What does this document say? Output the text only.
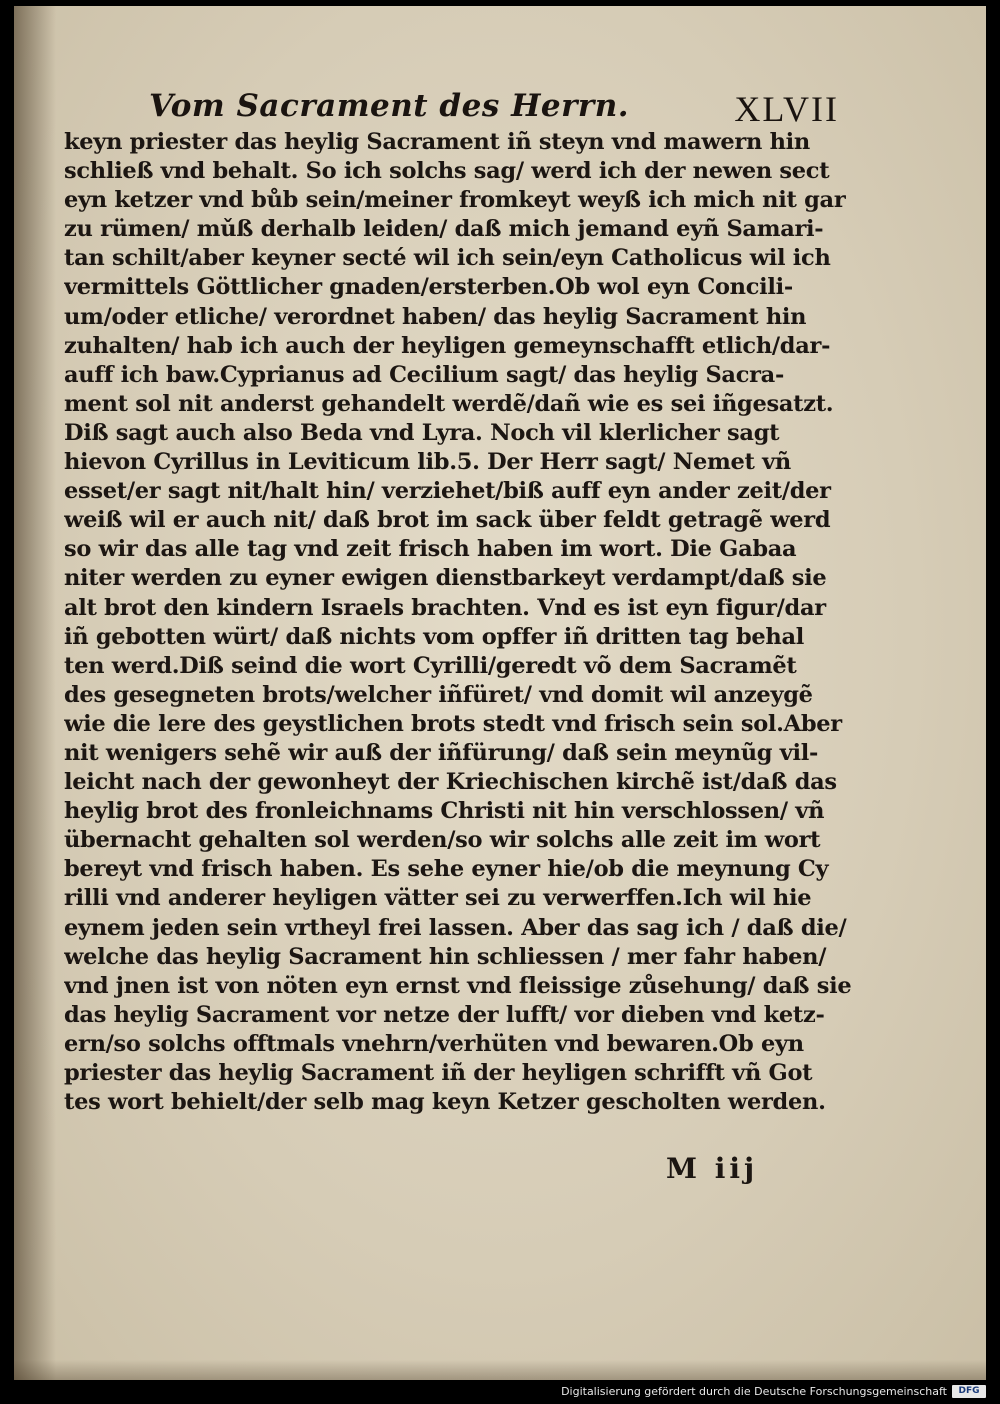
Vom Sacrament des Herrn.	XLVII
keyn priester das heylig Sacrament iñ steyn vnd mawern hin
schließ vnd behalt. So ich solchs sag/ werd ich der newen sect
eyn ketzer vnd bůb sein/meiner fromkeyt weyß ich mich nit gar
zu rümen/ mǔß derhalb leiden/ daß mich jemand eyñ Samari-
tan schilt/aber keyner secté wil ich sein/eyn Catholicus wil ich
vermittels Göttlicher gnaden/ersterben.Ob wol eyn Concili-
um/oder etliche/ verordnet haben/ das heylig Sacrament hin
zuhalten/ hab ich auch der heyligen gemeynschafft etlich/dar-
auff ich baw.Cyprianus ad Cecilium sagt/ das heylig Sacra-
ment sol nit anderst gehandelt werdẽ/dañ wie es sei iñgesatzt.
Diß sagt auch also Beda vnd Lyra. Noch vil klerlicher sagt
hievon Cyrillus in Leviticum lib.5. Der Herr sagt/ Nemet vñ
esset/er sagt nit/halt hin/ verziehet/biß auff eyn ander zeit/der
weiß wil er auch nit/ daß brot im sack über feldt getragẽ werd
so wir das alle tag vnd zeit frisch haben im wort. Die Gabaa
niter werden zu eyner ewigen dienstbarkeyt verdampt/daß sie
alt brot den kindern Israels brachten. Vnd es ist eyn figur/dar
iñ gebotten würt/ daß nichts vom opffer iñ dritten tag behal
ten werd.Diß seind die wort Cyrilli/geredt võ dem Sacramẽt
des gesegneten brots/welcher iñfüret/ vnd domit wil anzeygẽ
wie die lere des geystlichen brots stedt vnd frisch sein sol.Aber
nit wenigers sehẽ wir auß der iñfürung/ daß sein meynũg vil-
leicht nach der gewonheyt der Kriechischen kirchẽ ist/daß das
heylig brot des fronleichnams Christi nit hin verschlossen/ vñ
übernacht gehalten sol werden/so wir solchs alle zeit im wort
bereyt vnd frisch haben. Es sehe eyner hie/ob die meynung Cy
rilli vnd anderer heyligen vätter sei zu verwerffen.Ich wil hie
eynem jeden sein vrtheyl frei lassen. Aber das sag ich / daß die/
welche das heylig Sacrament hin schliessen / mer fahr haben/
vnd jnen ist von nöten eyn ernst vnd fleissige zůsehung/ daß sie
das heylig Sacrament vor netze der lufft/ vor dieben vnd ketz-
ern/so solchs offtmals vnehrn/verhüten vnd bewaren.Ob eyn
priester das heylig Sacrament iñ der heyligen schrifft vñ Got
tes wort behielt/der selb mag keyn Ketzer gescholten werden.
M iij
Digitalisierung gefördert durch die Deutsche Forschungsgemeinschaft	DFG
